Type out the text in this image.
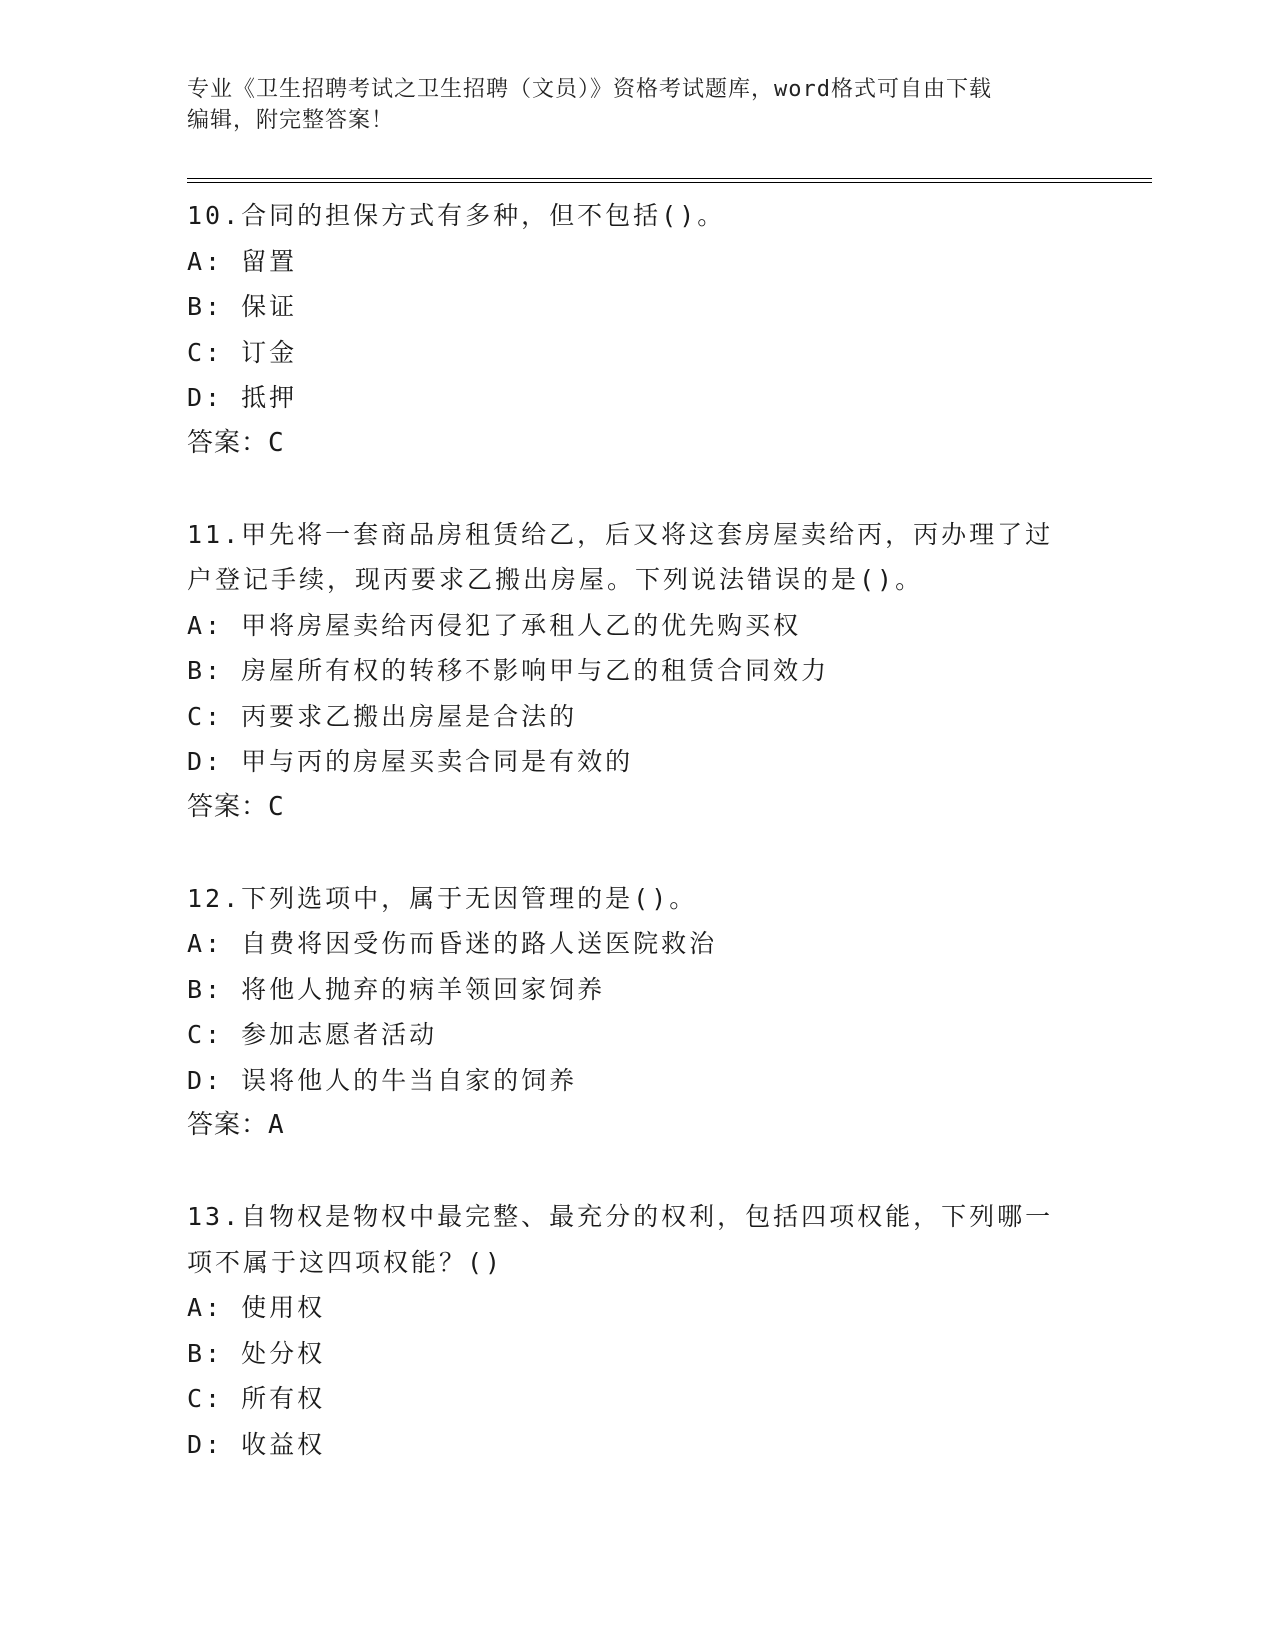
专业《卫生招聘考试之卫生招聘（文员）》资格考试题库，word格式可自由下载
编辑，附完整答案！

10.合同的担保方式有多种，但不包括()。

A: 留置

B: 保证

C: 订金

D: 抵押

答案：C

11.甲先将一套商品房租赁给乙，后又将这套房屋卖给丙，丙办理了过

户登记手续，现丙要求乙搬出房屋。下列说法错误的是()。

A: 甲将房屋卖给丙侵犯了承租人乙的优先购买权

B: 房屋所有权的转移不影响甲与乙的租赁合同效力

C: 丙要求乙搬出房屋是合法的

D: 甲与丙的房屋买卖合同是有效的

答案：C

12.下列选项中，属于无因管理的是()。

A: 自费将因受伤而昏迷的路人送医院救治

B: 将他人抛弃的病羊领回家饲养

C: 参加志愿者活动

D: 误将他人的牛当自家的饲养

答案：A

13.自物权是物权中最完整、最充分的权利，包括四项权能，下列哪一

项不属于这四项权能？()

A: 使用权

B: 处分权

C: 所有权

D: 收益权
